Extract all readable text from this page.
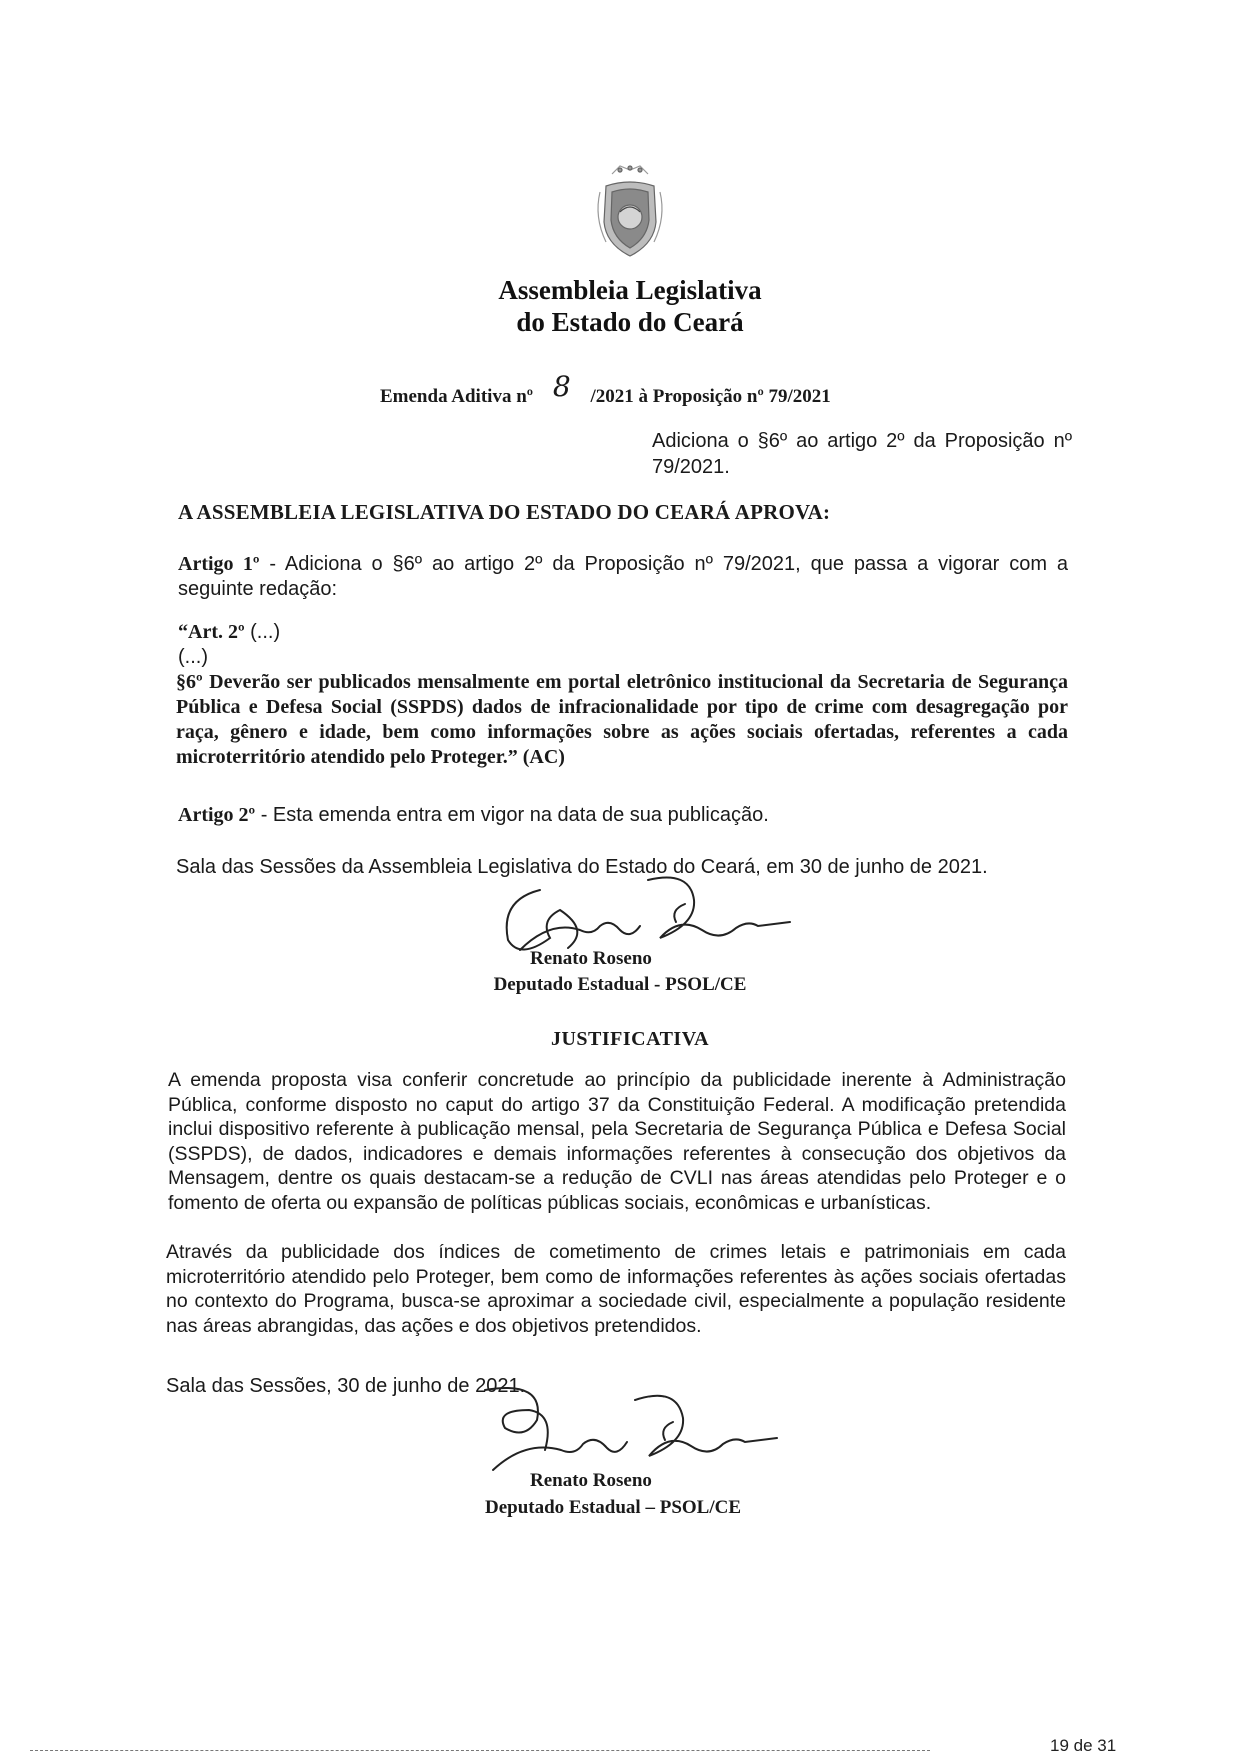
Assembleia Legislativa
do Estado do Ceará
Emenda Aditiva nº 8 /2021 à Proposição nº 79/2021
Adiciona o §6º ao artigo 2º da Proposição nº 79/2021.
A ASSEMBLEIA LEGISLATIVA DO ESTADO DO CEARÁ APROVA:
Artigo 1º - Adiciona o §6º ao artigo 2º da Proposição nº 79/2021, que passa a vigorar com a seguinte redação:
“Art. 2º (...)
(...)
§6º Deverão ser publicados mensalmente em portal eletrônico institucional da Secretaria de Segurança Pública e Defesa Social (SSPDS) dados de infracionalidade por tipo de crime com desagregação por raça, gênero e idade, bem como informações sobre as ações sociais ofertadas, referentes a cada microterritório atendido pelo Proteger.” (AC)
Artigo 2º - Esta emenda entra em vigor na data de sua publicação.
Sala das Sessões da Assembleia Legislativa do Estado do Ceará, em 30 de junho de 2021.
Renato Roseno
Deputado Estadual - PSOL/CE
JUSTIFICATIVA
A emenda proposta visa conferir concretude ao princípio da publicidade inerente à Administração Pública, conforme disposto no caput do artigo 37 da Constituição Federal. A modificação pretendida inclui dispositivo referente à publicação mensal, pela Secretaria de Segurança Pública e Defesa Social (SSPDS), de dados, indicadores e demais informações referentes à consecução dos objetivos da Mensagem, dentre os quais destacam-se a redução de CVLI nas áreas atendidas pelo Proteger e o fomento de oferta ou expansão de políticas públicas sociais, econômicas e urbanísticas.
Através da publicidade dos índices de cometimento de crimes letais e patrimoniais em cada microterritório atendido pelo Proteger, bem como de informações referentes às ações sociais ofertadas no contexto do Programa, busca-se aproximar a sociedade civil, especialmente a população residente nas áreas abrangidas, das ações e dos objetivos pretendidos.
Sala das Sessões, 30 de junho de 2021.
Renato Roseno
Deputado Estadual – PSOL/CE
19 de 31
